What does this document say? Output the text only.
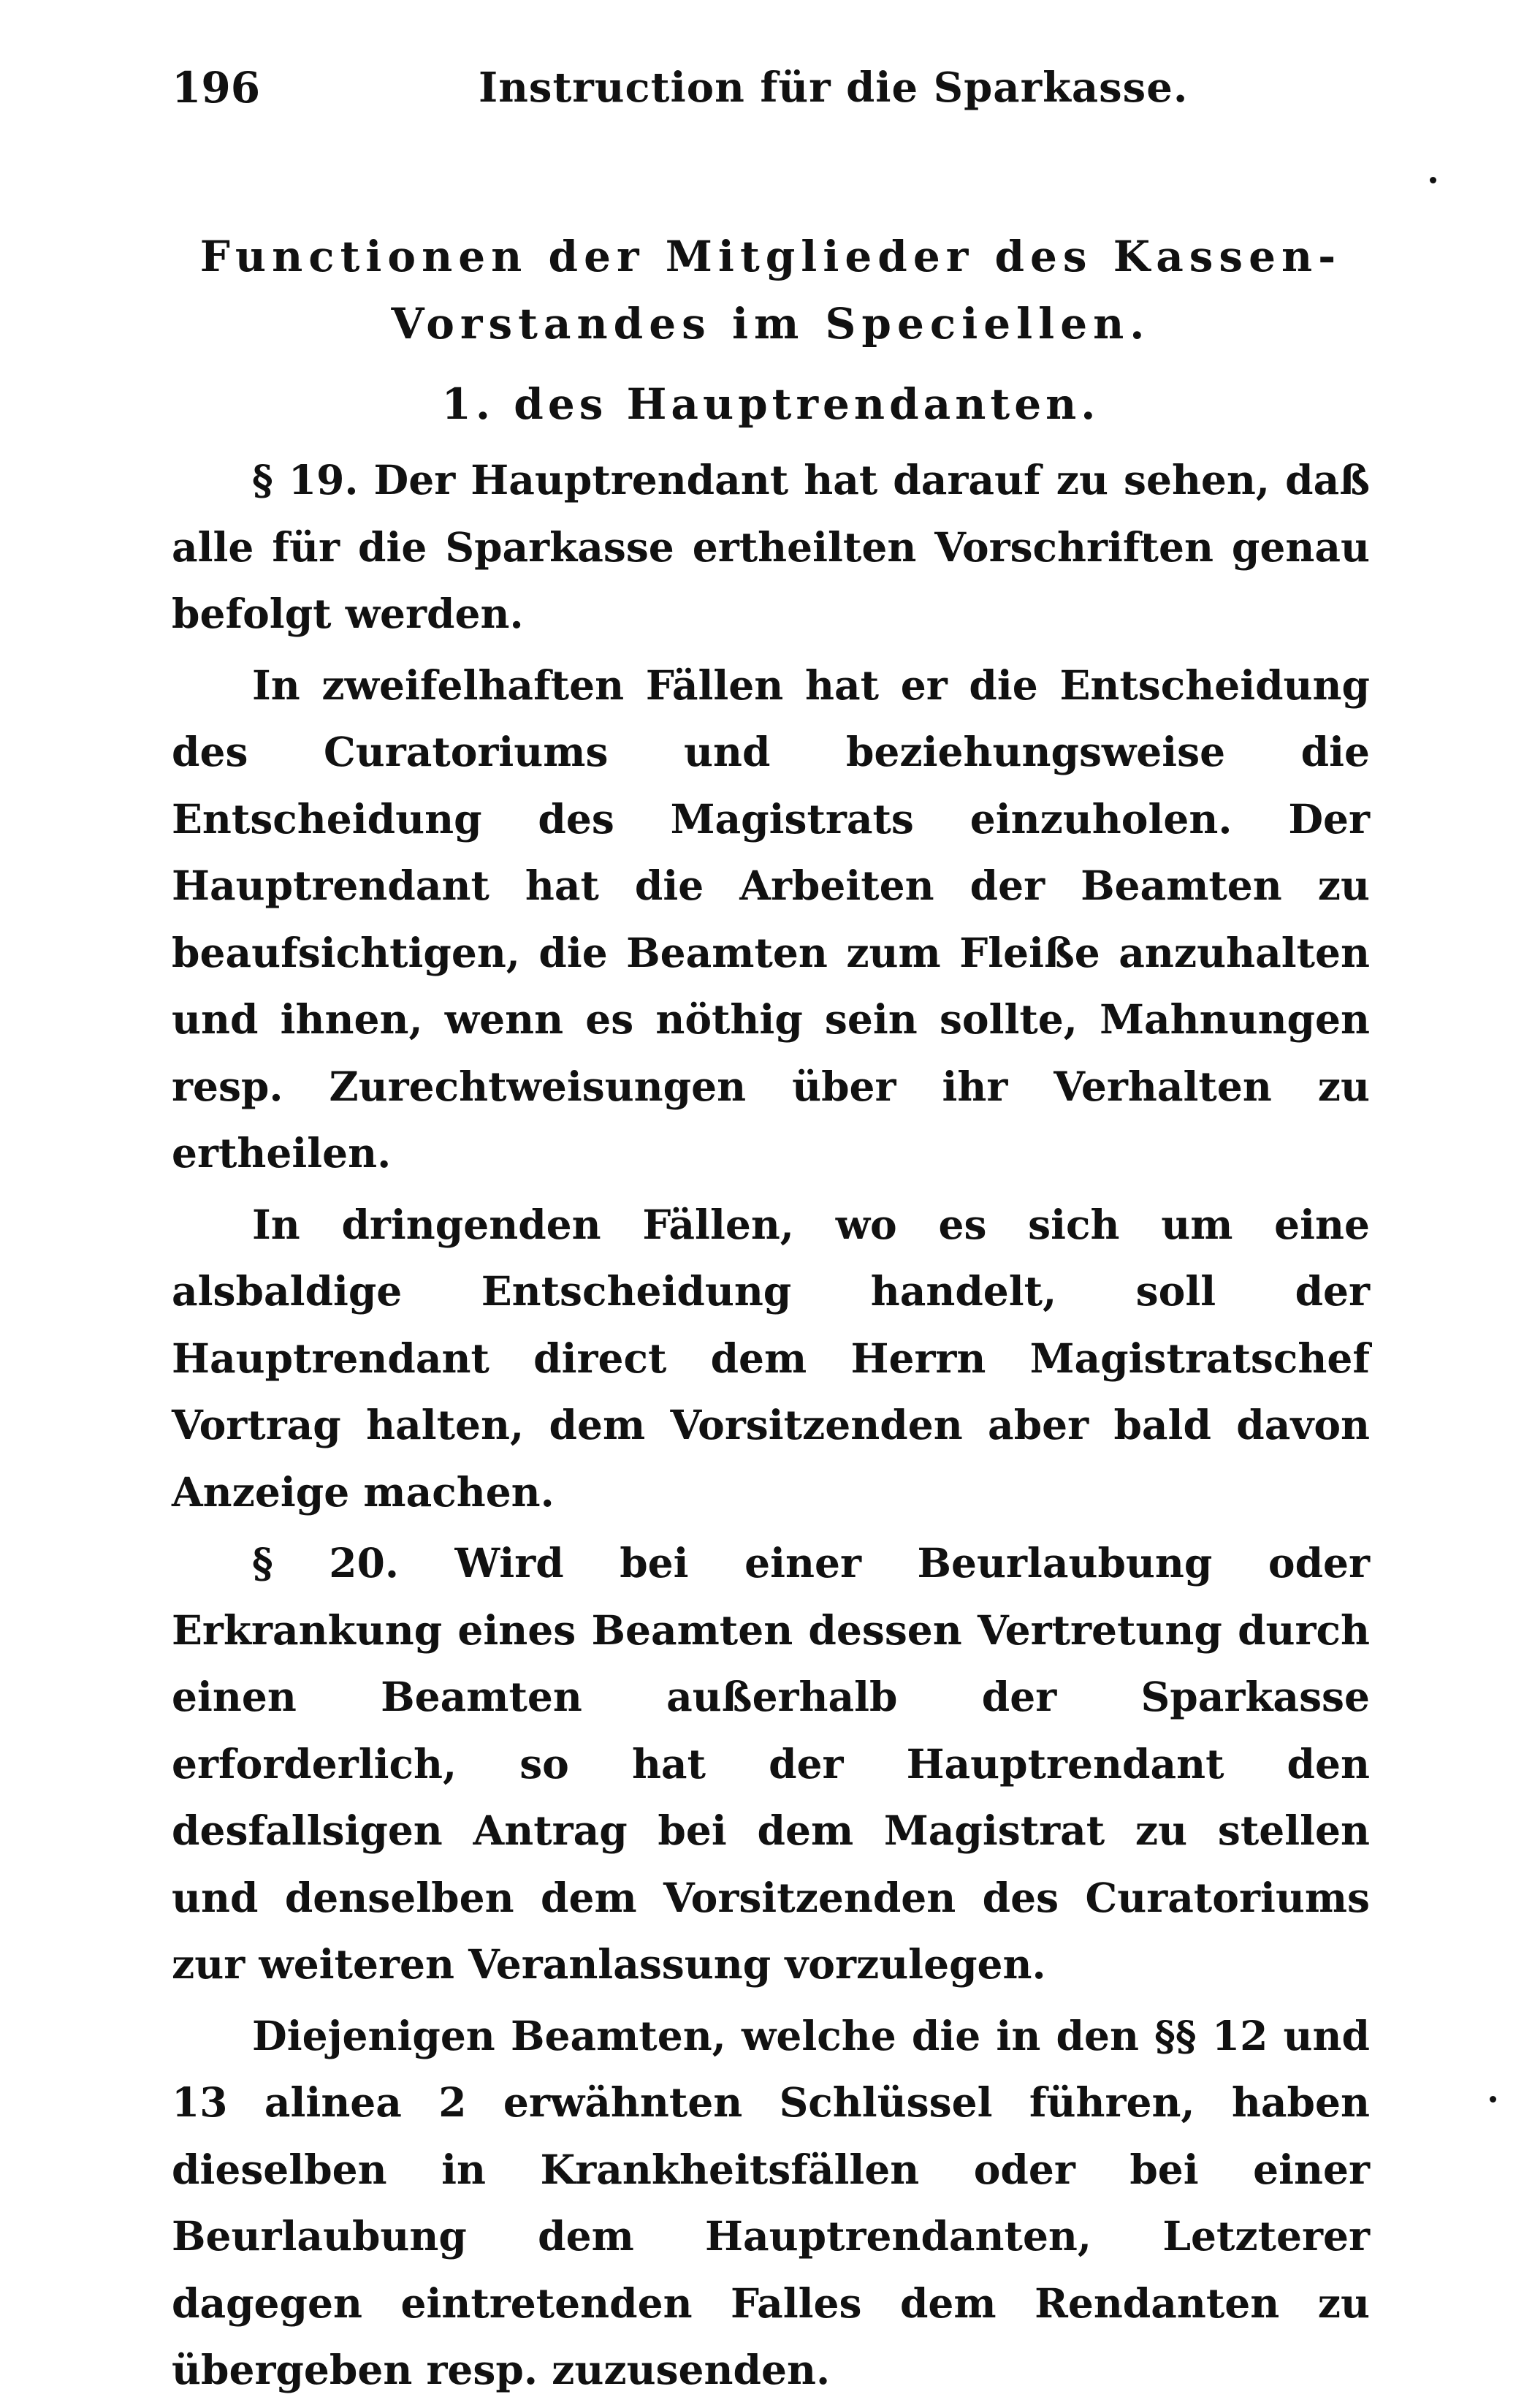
196	Instruction für die Sparkasse.
Functionen der Mitglieder des Kassen-Vorstandes im Speciellen.
1. des Hauptrendanten.

§ 19. Der Hauptrendant hat darauf zu sehen, daß alle für die Sparkasse ertheilten Vorschriften genau befolgt werden.

In zweifelhaften Fällen hat er die Entscheidung des Curatoriums und beziehungsweise die Entscheidung des Magistrats einzuholen. Der Hauptrendant hat die Arbeiten der Beamten zu beaufsichtigen, die Beamten zum Fleiße anzuhalten und ihnen, wenn es nöthig sein sollte, Mahnungen resp. Zurechtweisungen über ihr Verhalten zu ertheilen.

In dringenden Fällen, wo es sich um eine alsbaldige Entscheidung handelt, soll der Hauptrendant direct dem Herrn Magistratschef Vortrag halten, dem Vorsitzenden aber bald davon Anzeige machen.

§ 20. Wird bei einer Beurlaubung oder Erkrankung eines Beamten dessen Vertretung durch einen Beamten außerhalb der Sparkasse erforderlich, so hat der Hauptrendant den desfallsigen Antrag bei dem Magistrat zu stellen und denselben dem Vorsitzenden des Curatoriums zur weiteren Veranlassung vorzulegen.

Diejenigen Beamten, welche die in den §§ 12 und 13 alinea 2 erwähnten Schlüssel führen, haben dieselben in Krankheitsfällen oder bei einer Beurlaubung dem Hauptrendanten, Letzterer dagegen eintretenden Falles dem Rendanten zu übergeben resp. zuzusenden.
